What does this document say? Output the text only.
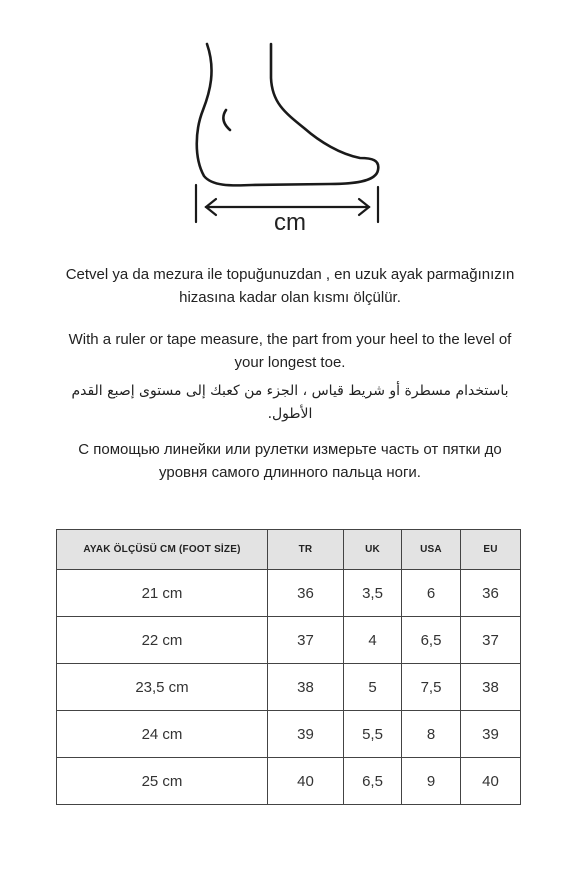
cm
Cetvel ya da mezura ile topuğunuzdan , en uzuk ayak parmağınızın hizasına kadar olan kısmı ölçülür.
With a ruler or tape measure, the part from your heel to the level of your longest toe.
باستخدام مسطرة أو شريط قياس ، الجزء من كعبك إلى مستوى إصبع القدم الأطول.
С помощью линейки или рулетки измерьте часть от пятки до уровня самого длинного пальца ноги.
AYAK ÖLÇÜSÜ CM (FOOT SİZE)	TR	UK	USA	EU
21 cm	36	3,5	6	36
22 cm	37	4	6,5	37
23,5 cm	38	5	7,5	38
24 cm	39	5,5	8	39
25 cm	40	6,5	9	40
